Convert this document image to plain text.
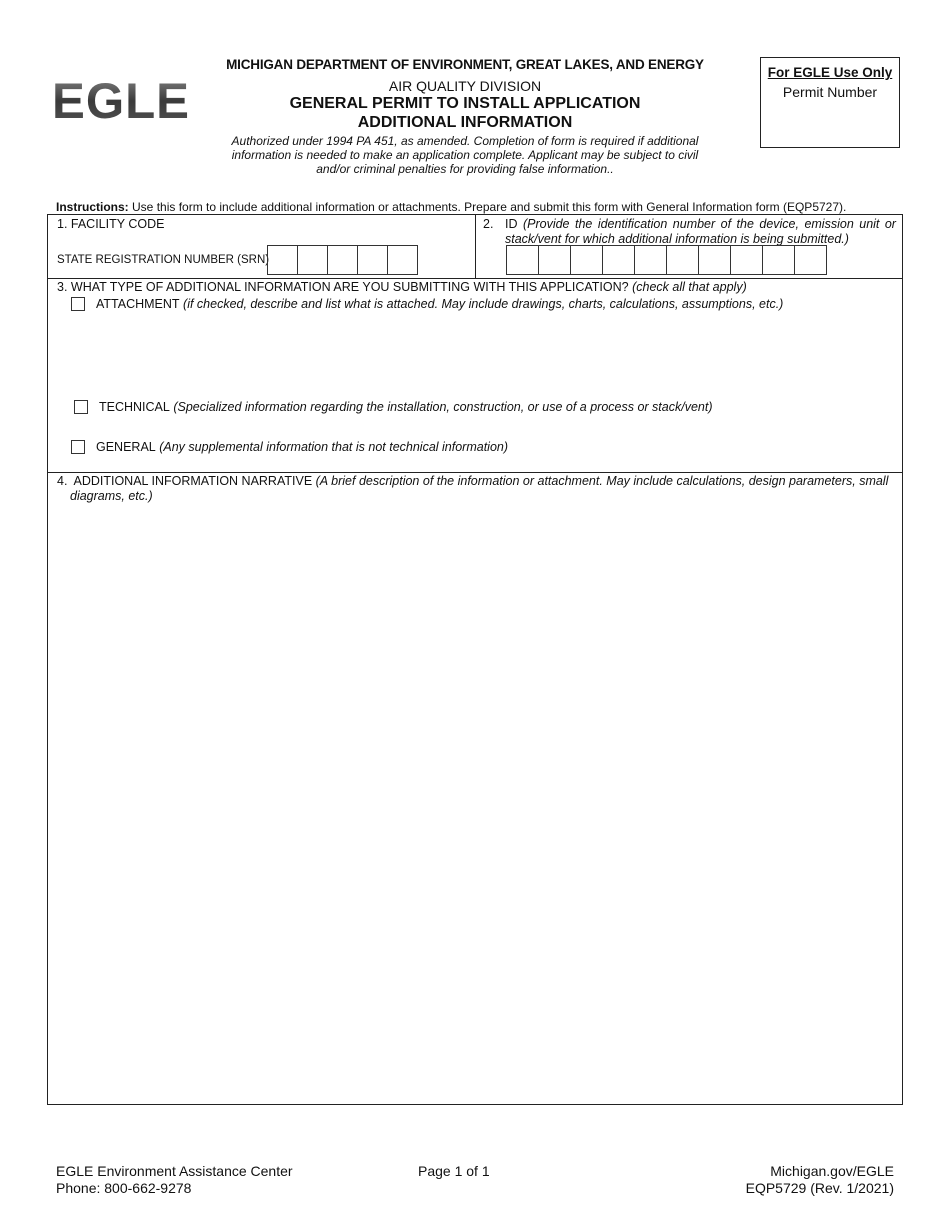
EGLE
MICHIGAN DEPARTMENT OF ENVIRONMENT, GREAT LAKES, AND ENERGY
AIR QUALITY DIVISION
GENERAL PERMIT TO INSTALL APPLICATION
ADDITIONAL INFORMATION
Authorized under 1994 PA 451, as amended. Completion of form is required if additional information is needed to make an application complete. Applicant may be subject to civil and/or criminal penalties for providing false information..
For EGLE Use Only
Permit Number
Instructions: Use this form to include additional information or attachments. Prepare and submit this form with General Information form (EQP5727).
1. FACILITY CODE
STATE REGISTRATION NUMBER (SRN)
2. ID (Provide the identification number of the device, emission unit or stack/vent for which additional information is being submitted.)
3. WHAT TYPE OF ADDITIONAL INFORMATION ARE YOU SUBMITTING WITH THIS APPLICATION? (check all that apply)
ATTACHMENT
(if checked, describe and list what is attached. May include drawings, charts, calculations, assumptions, etc.)
TECHNICAL
(Specialized information regarding the installation, construction, or use of a process or stack/vent)
GENERAL
(Any supplemental information that is not technical information)
4. ADDITIONAL INFORMATION NARRATIVE (A brief description of the information or attachment. May include calculations, design parameters, small
diagrams, etc.)
EGLE Environment Assistance Center
Phone: 800-662-9278
Page 1 of 1	Michigan.gov/EGLE
EQP5729 (Rev. 1/2021)
